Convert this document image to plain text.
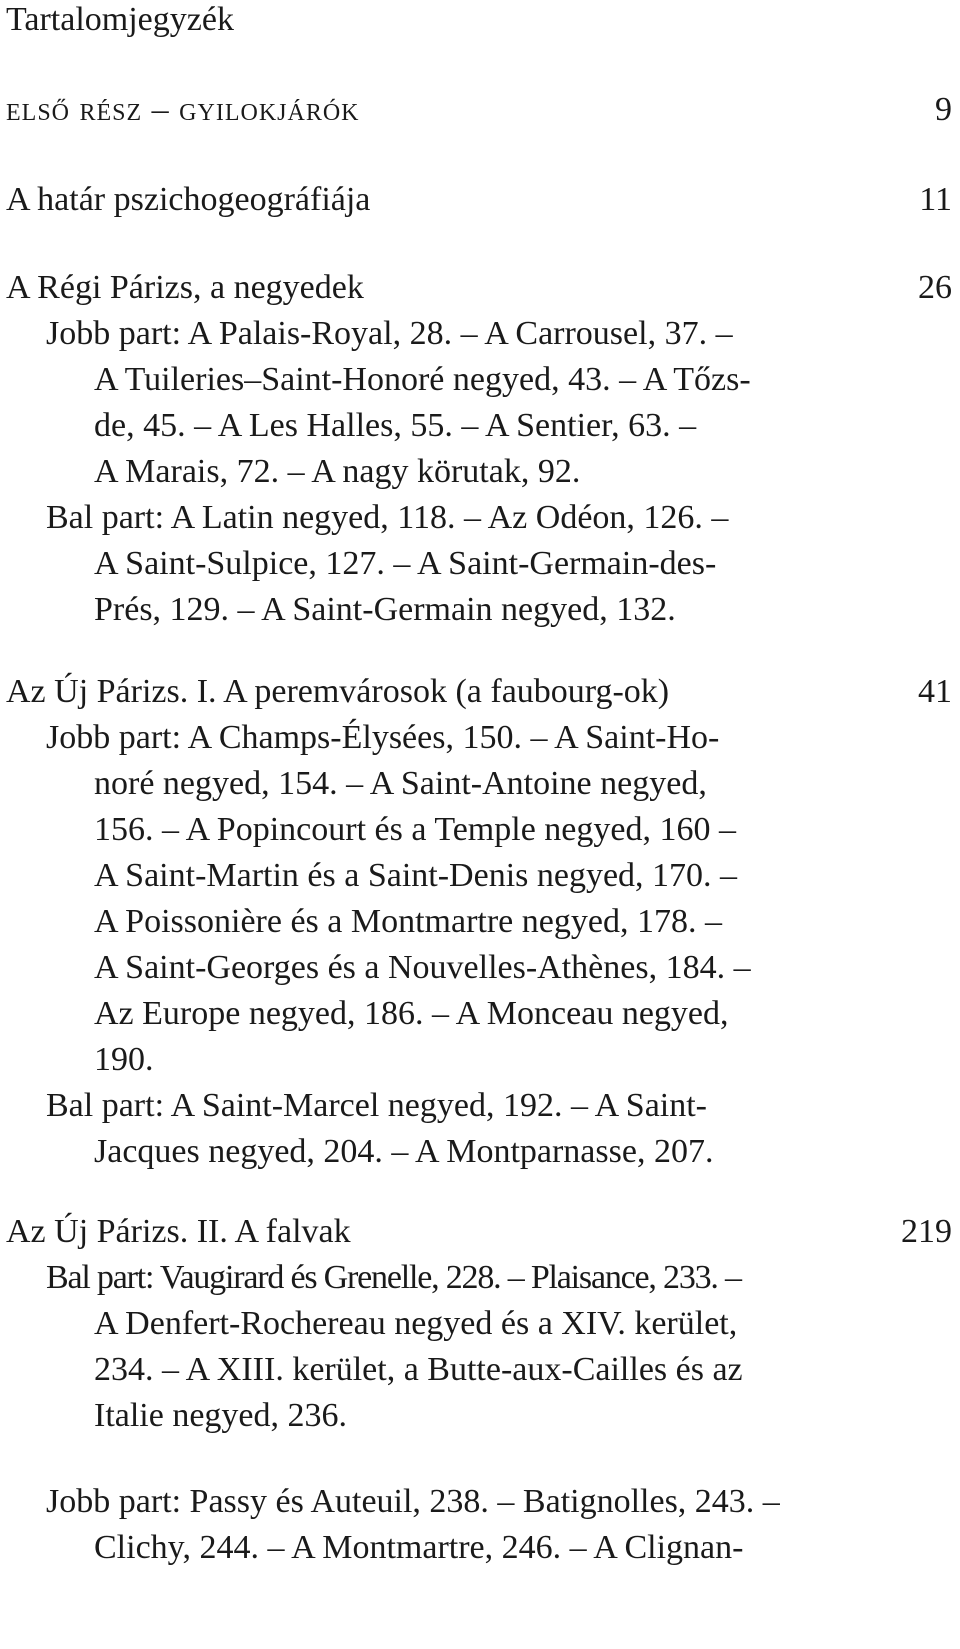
Tartalomjegyzék
első rész – gyilokjárók	9
A határ pszichogeográfiája	11
A Régi Párizs, a negyedek	26
Jobb part: A Palais-Royal, 28. – A Carrousel, 37. –
A Tuileries–Saint-Honoré negyed, 43. – A Tőzs-
de, 45. – A Les Halles, 55. – A Sentier, 63. –
A Marais, 72. – A nagy körutak, 92.
Bal part: A Latin negyed, 118. – Az Odéon, 126. –
A Saint-Sulpice, 127. – A Saint-Germain-des-
Prés, 129. – A Saint-Germain negyed, 132.
Az Új Párizs. I. A peremvárosok (a faubourg-ok)	41
Jobb part: A Champs-Élysées, 150. – A Saint-Ho-
noré negyed, 154. – A Saint-Antoine negyed,
156. – A Popincourt és a Temple negyed, 160 –
A Saint-Martin és a Saint-Denis negyed, 170. –
A Poissonière és a Montmartre negyed, 178. –
A Saint-Georges és a Nouvelles-Athènes, 184. –
Az Europe negyed, 186. – A Monceau negyed,
190.
Bal part: A Saint-Marcel negyed, 192. – A Saint-
Jacques negyed, 204. – A Montparnasse, 207.
Az Új Párizs. II. A falvak	219
Bal part: Vaugirard és Grenelle, 228. – Plaisance, 233. –
A Denfert-Rochereau negyed és a XIV. kerület,
234. – A XIII. kerület, a Butte-aux-Cailles és az
Italie negyed, 236.
Jobb part: Passy és Auteuil, 238. – Batignolles, 243. –
Clichy, 244. – A Montmartre, 246. – A Clignan-
